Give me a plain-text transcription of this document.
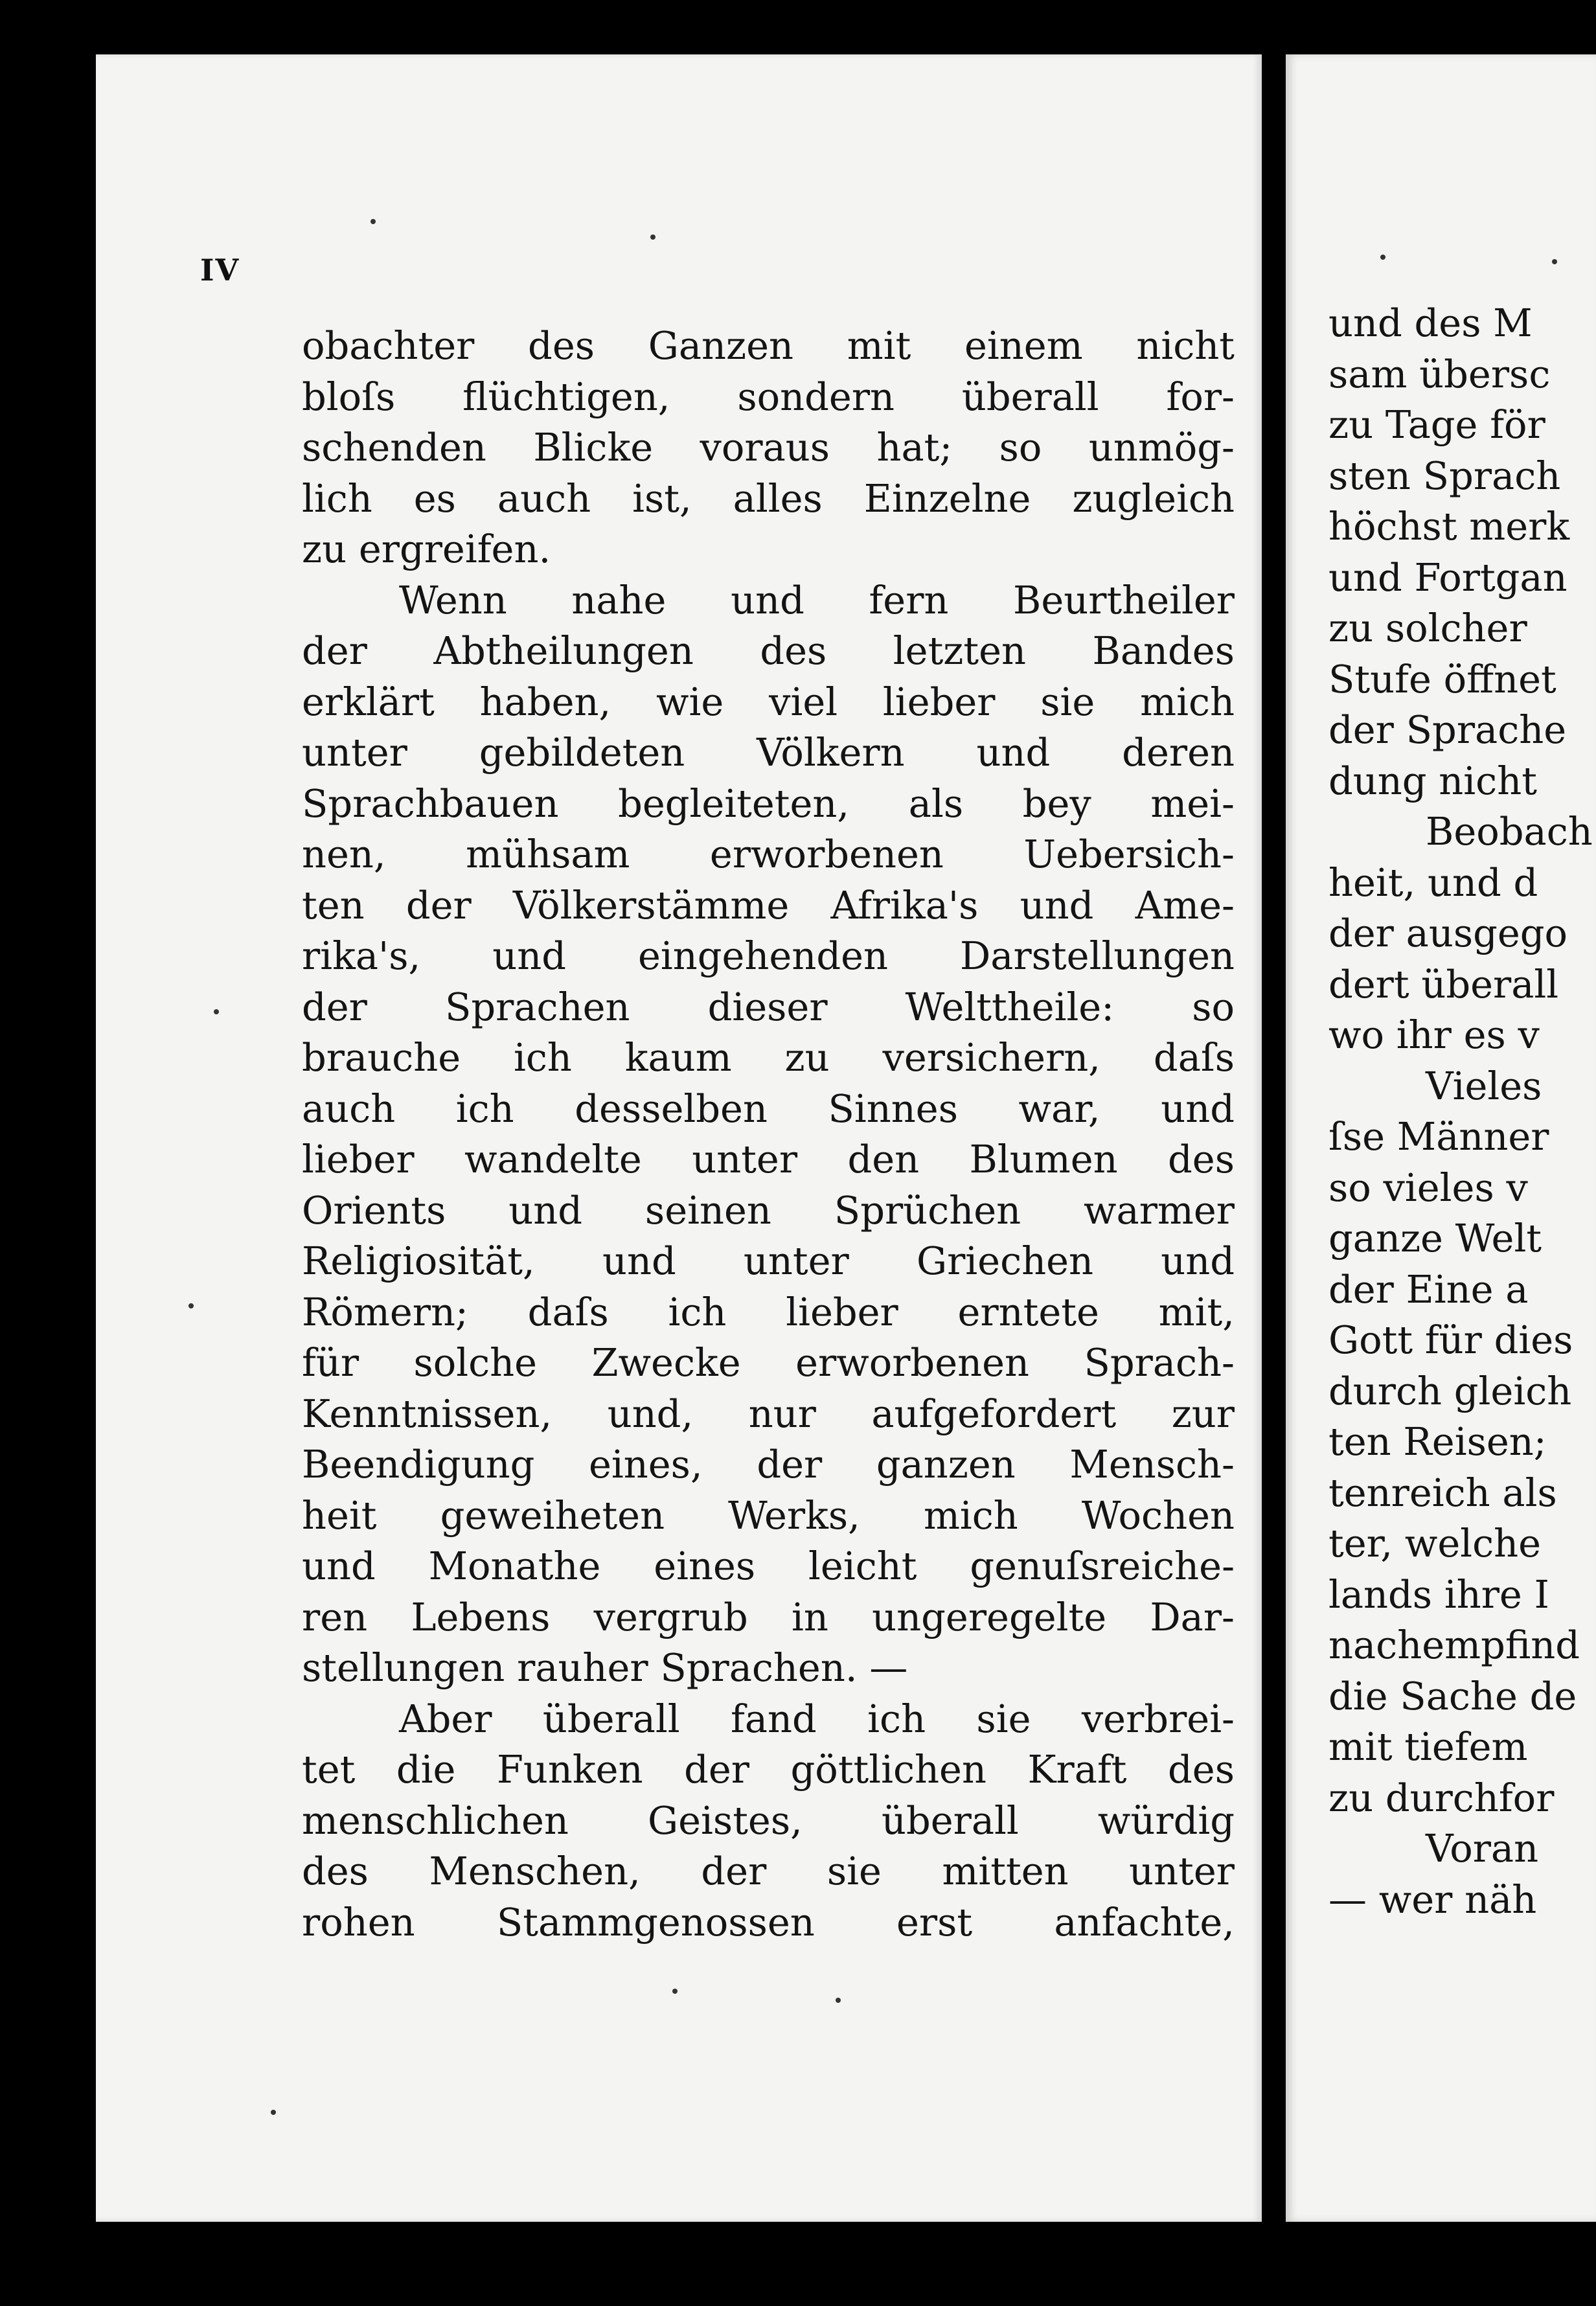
IV
obachter des Ganzen mit einem nicht
bloſs flüchtigen, sondern überall for-
schenden Blicke voraus hat; so unmög-
lich es auch ist, alles Einzelne zugleich
zu ergreifen.
Wenn nahe und fern Beurtheiler
der Abtheilungen des letzten Bandes
erklärt haben, wie viel lieber sie mich
unter gebildeten Völkern und deren
Sprachbauen begleiteten, als bey mei-
nen, mühsam erworbenen Uebersich-
ten der Völkerstämme Afrika's und Ame-
rika's, und eingehenden Darstellungen
der Sprachen dieser Welttheile: so
brauche ich kaum zu versichern, daſs
auch ich desselben Sinnes war, und
lieber wandelte unter den Blumen des
Orients und seinen Sprüchen warmer
Religiosität, und unter Griechen und
Römern; daſs ich lieber erntete mit,
für solche Zwecke erworbenen Sprach-
Kenntnissen, und, nur aufgefordert zur
Beendigung eines, der ganzen Mensch-
heit geweiheten Werks, mich Wochen
und Monathe eines leicht genuſsreiche-
ren Lebens vergrub in ungeregelte Dar-
stellungen rauher Sprachen. —
Aber überall fand ich sie verbrei-
tet die Funken der göttlichen Kraft des
menschlichen Geistes, überall würdig
des Menschen, der sie mitten unter
rohen Stammgenossen erst anfachte,
und des M
sam übersc
zu Tage för
sten Sprach
höchst merk
und Fortgan
zu solcher
Stufe öffnet
der Sprache
dung nicht
Beobach
heit, und d
der ausgego
dert überall
wo ihr es v
Vieles
ſse Männer
so vieles v
ganze Welt
der Eine a
Gott für dies
durch gleich
ten Reisen;
tenreich als
ter, welche
lands ihre I
nachempfind
die Sache de
mit tiefem
zu durchfor
Voran
— wer näh
